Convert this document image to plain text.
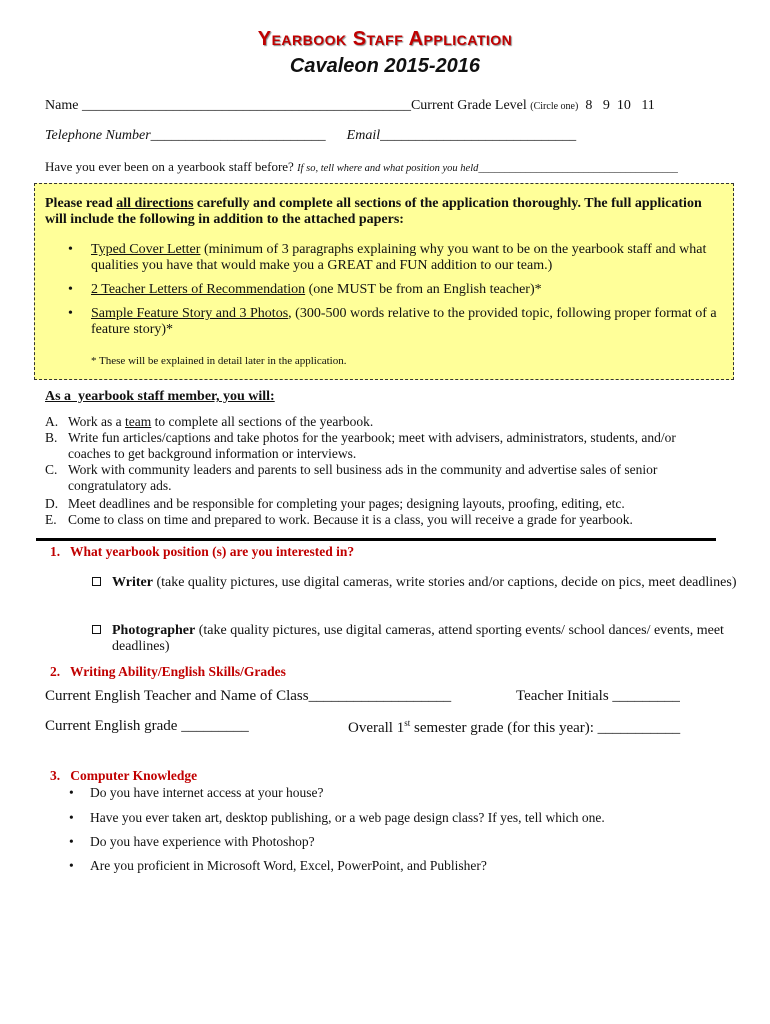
Yearbook Staff Application
Cavaleon 2015-2016
Name _______________________________________________Current Grade Level (Circle one) 8   9  10   11
Telephone Number_________________________ Email____________________________
Have you ever been on a yearbook staff before? If so, tell where and what position you held______________________________________
Please read all directions carefully and complete all sections of the application thoroughly. The full application will include the following in addition to the attached papers:
• Typed Cover Letter (minimum of 3 paragraphs explaining why you want to be on the yearbook staff and what qualities you have that would make you a GREAT and FUN addition to our team.)
• 2 Teacher Letters of Recommendation (one MUST be from an English teacher)*
• Sample Feature Story and 3 Photos, (300-500 words relative to the provided topic, following proper format of a feature story)*
* These will be explained in detail later in the application.
As a  yearbook staff member, you will:
A. Work as a team to complete all sections of the yearbook.
B. Write fun articles/captions and take photos for the yearbook; meet with advisers, administrators, students, and/or coaches to get background information or interviews.
C. Work with community leaders and parents to sell business ads in the community and advertise sales of senior congratulatory ads.
D. Meet deadlines and be responsible for completing your pages; designing layouts, proofing, editing, etc.
E. Come to class on time and prepared to work. Because it is a class, you will receive a grade for yearbook.
1. What yearbook position (s) are you interested in?
Writer (take quality pictures, use digital cameras, write stories and/or captions, decide on pics, meet deadlines)
Photographer (take quality pictures, use digital cameras, attend sporting events/ school dances/ events, meet deadlines)
2. Writing Ability/English Skills/Grades
Current English Teacher and Name of Class___________________	Teacher Initials _________
Current English grade _________	Overall 1st semester grade (for this year): ___________
3. Computer Knowledge
• Do you have internet access at your house?
• Have you ever taken art, desktop publishing, or a web page design class? If yes, tell which one.
• Do you have experience with Photoshop?
• Are you proficient in Microsoft Word, Excel, PowerPoint, and Publisher?
